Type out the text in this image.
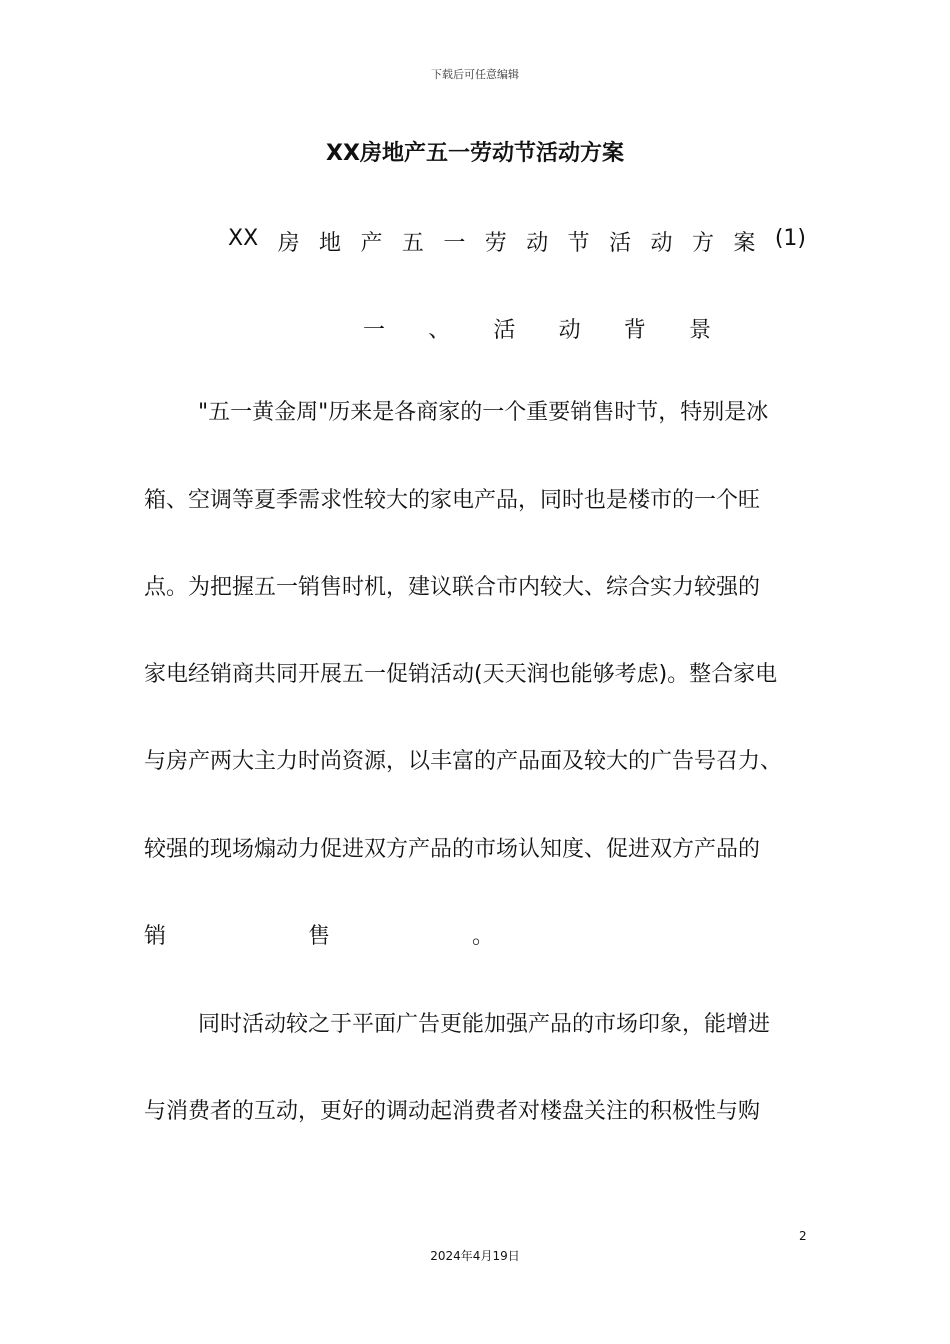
下载后可任意编辑
XX房地产五一劳动节活动方案
XX 房 地 产 五 一 劳 动 节 活 动 方 案 (1)
一 、 活 动 背 景
"五一黄金周"历来是各商家的一个重要销售时节，特别是冰
箱、空调等夏季需求性较大的家电产品，同时也是楼市的一个旺
点。为把握五一销售时机，建议联合市内较大、综合实力较强的
家电经销商共同开展五一促销活动(天天润也能够考虑)。整合家电
与房产两大主力时尚资源，以丰富的产品面及较大的广告号召力、
较强的现场煽动力促进双方产品的市场认知度、促进双方产品的
销	售	。
同时活动较之于平面广告更能加强产品的市场印象，能增进
与消费者的互动，更好的调动起消费者对楼盘关注的积极性与购
2
2024年4月19日
